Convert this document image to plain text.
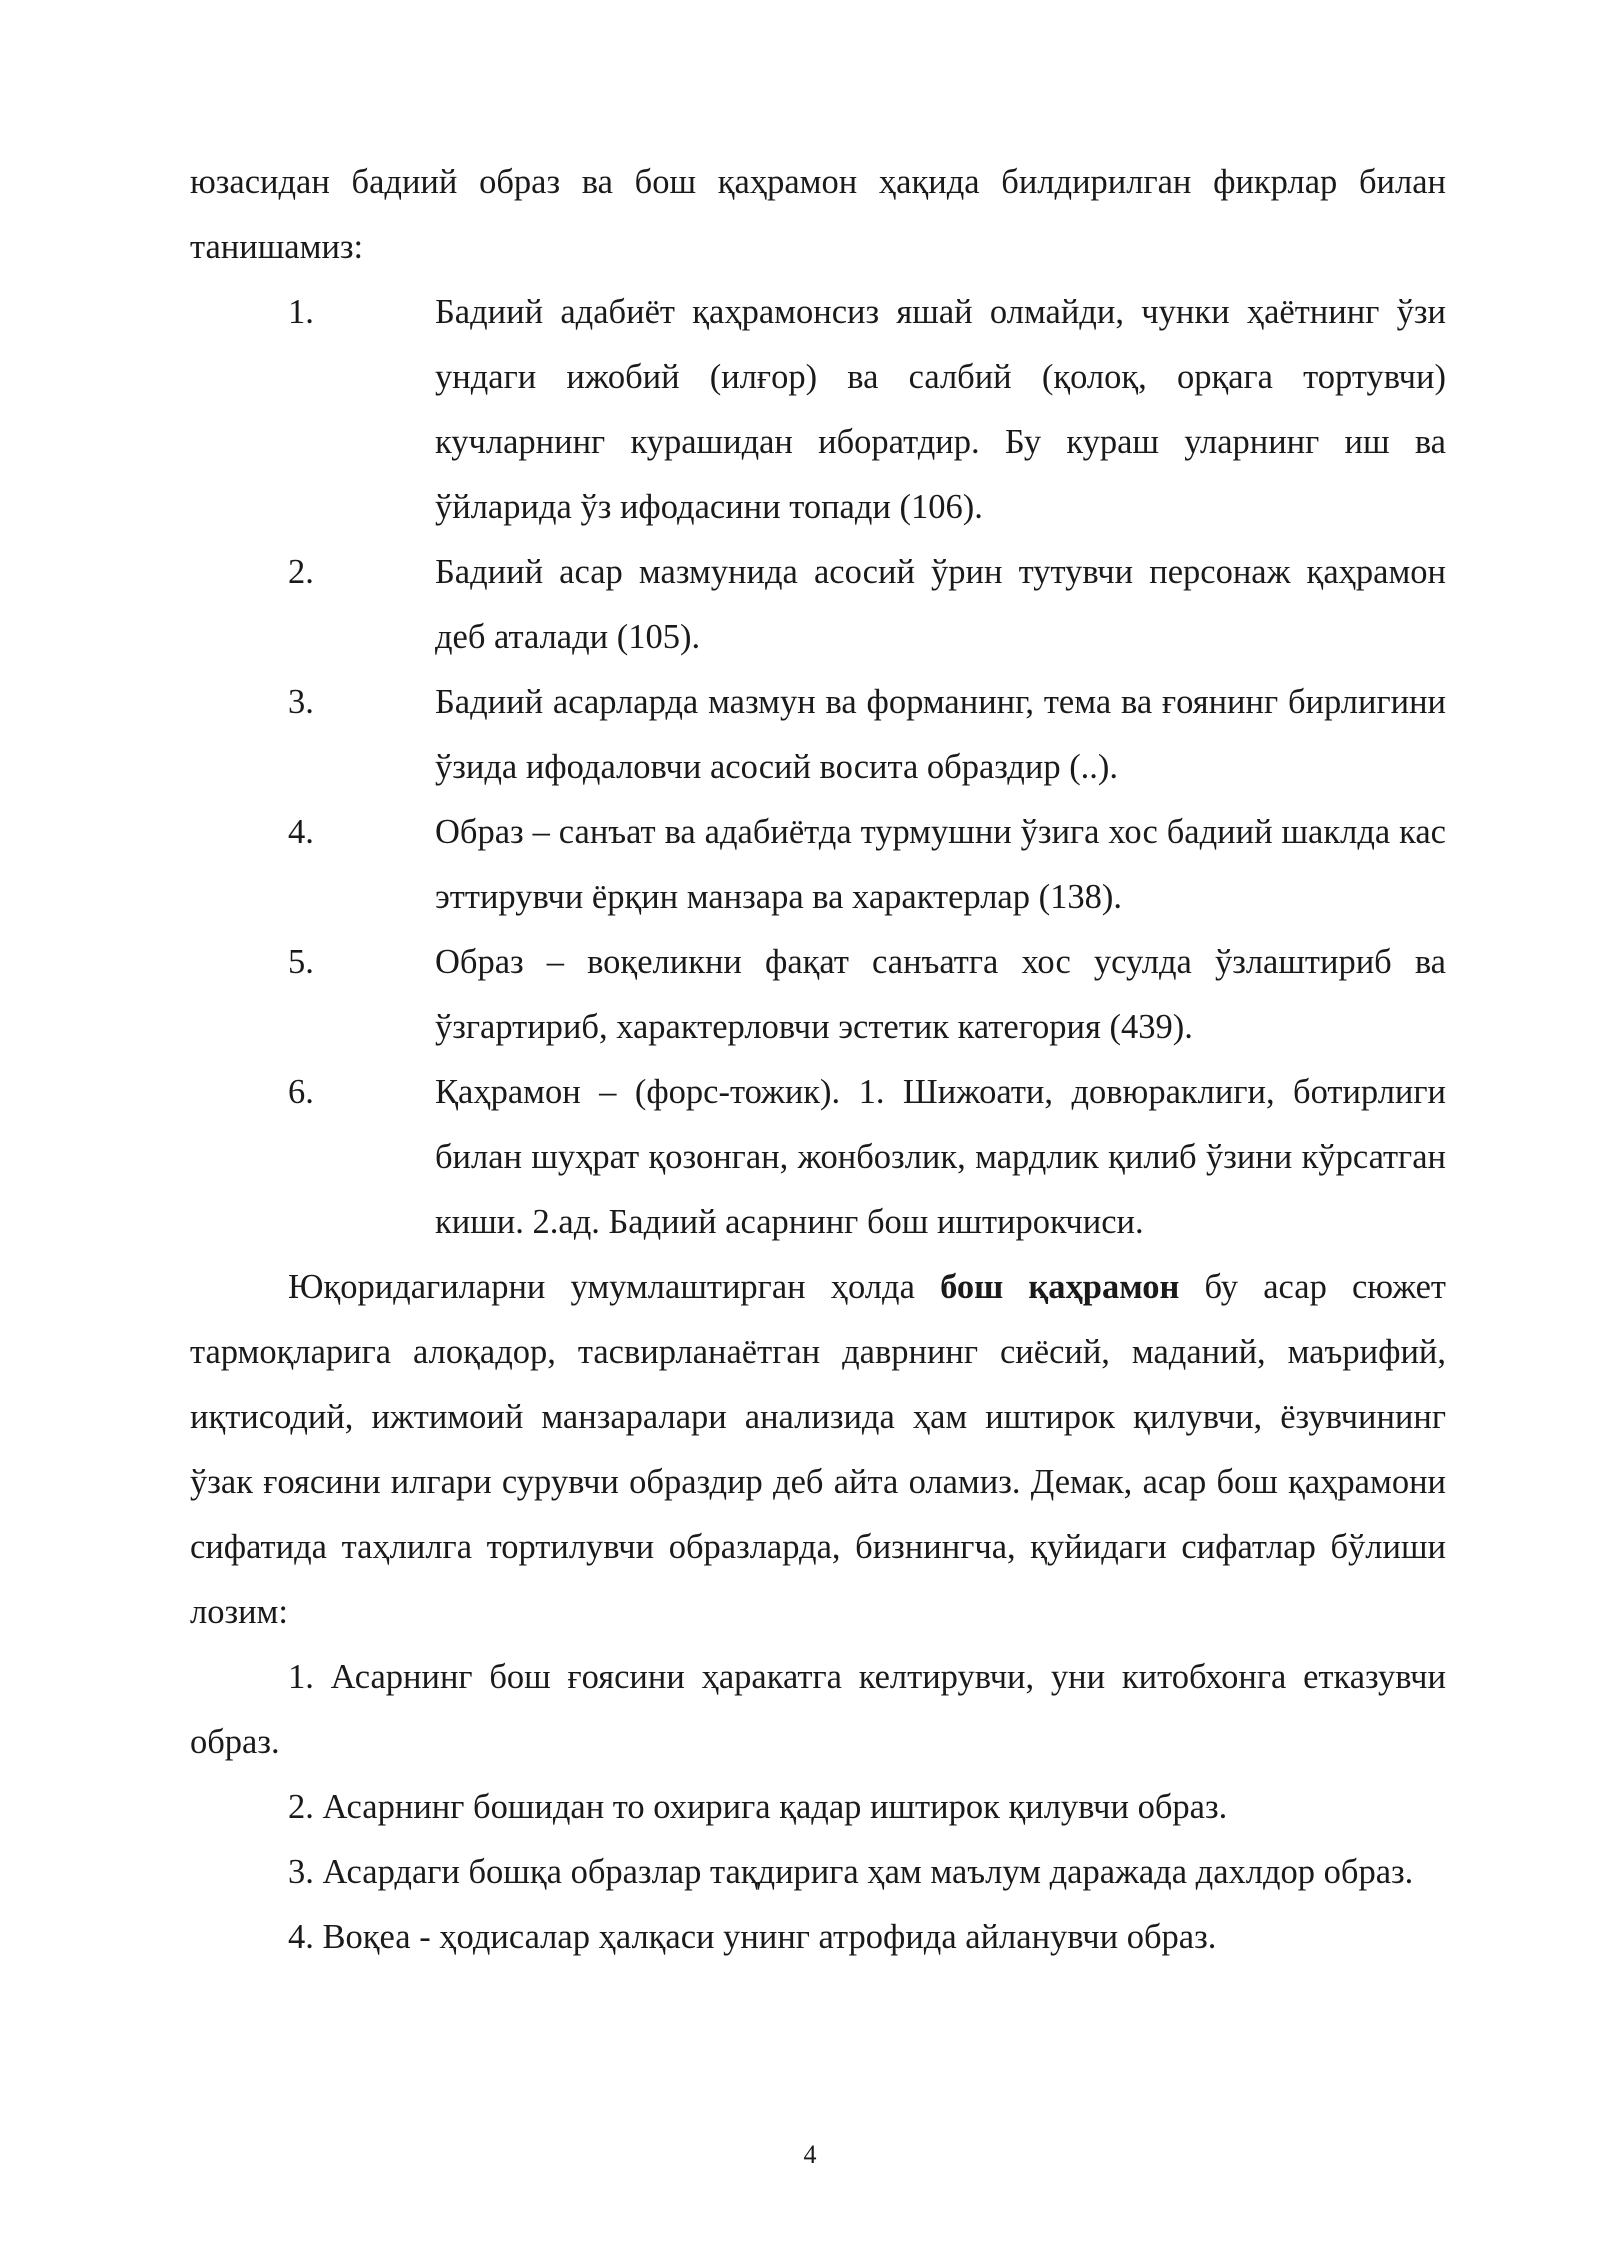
юзасидан бадиий образ ва бош қаҳрамон ҳақида билдирилган фикрлар билан танишамиз:

1.	Бадиий адабиёт қаҳрамонсиз яшай олмайди, чунки ҳаётнинг ўзи ундаги ижобий (илғор) ва салбий (қолоқ, орқага тортувчи) кучларнинг курашидан иборатдир. Бу кураш уларнинг иш ва ўйларида ўз ифодасини топади (106).
2.	Бадиий асар мазмунида асосий ўрин тутувчи персонаж қаҳрамон деб аталади (105).
3.	Бадиий асарларда мазмун ва форманинг, тема ва ғоянинг бирлигини ўзида ифодаловчи асосий восита образдир (..).
4.	Образ – санъат ва адабиётда турмушни ўзига хос бадиий шаклда кас эттирувчи ёрқин манзара ва характерлар (138).
5.	Образ – воқеликни фақат санъатга хос усулда ўзлаштириб ва ўзгартириб, характерловчи эстетик категория (439).
6.	Қаҳрамон – (форс-тожик). 1. Шижоати, довюраклиги, ботирлиги билан шуҳрат қозонган, жонбозлик, мардлик қилиб ўзини кўрсатган киши. 2.ад. Бадиий асарнинг бош иштирокчиси.

Юқоридагиларни умумлаштирган ҳолда бош қаҳрамон бу асар сюжет тармоқларига алоқадор, тасвирланаётган даврнинг сиёсий, маданий, маърифий, иқтисодий, ижтимоий манзаралари анализида ҳам иштирок қилувчи, ёзувчининг ўзак ғоясини илгари сурувчи образдир деб айта оламиз. Демак, асар бош қаҳрамони сифатида таҳлилга тортилувчи образларда, бизнингча, қуйидаги сифатлар бўлиши лозим:

1. Асарнинг бош ғоясини ҳаракатга келтирувчи, уни китобхонга етказувчи образ.

2. Асарнинг бошидан то охирига қадар иштирок қилувчи образ.

3. Асардаги бошқа образлар тақдирига ҳам маълум даражада дахлдор образ.

4. Воқеа - ҳодисалар ҳалқаси унинг атрофида айланувчи образ.

4
